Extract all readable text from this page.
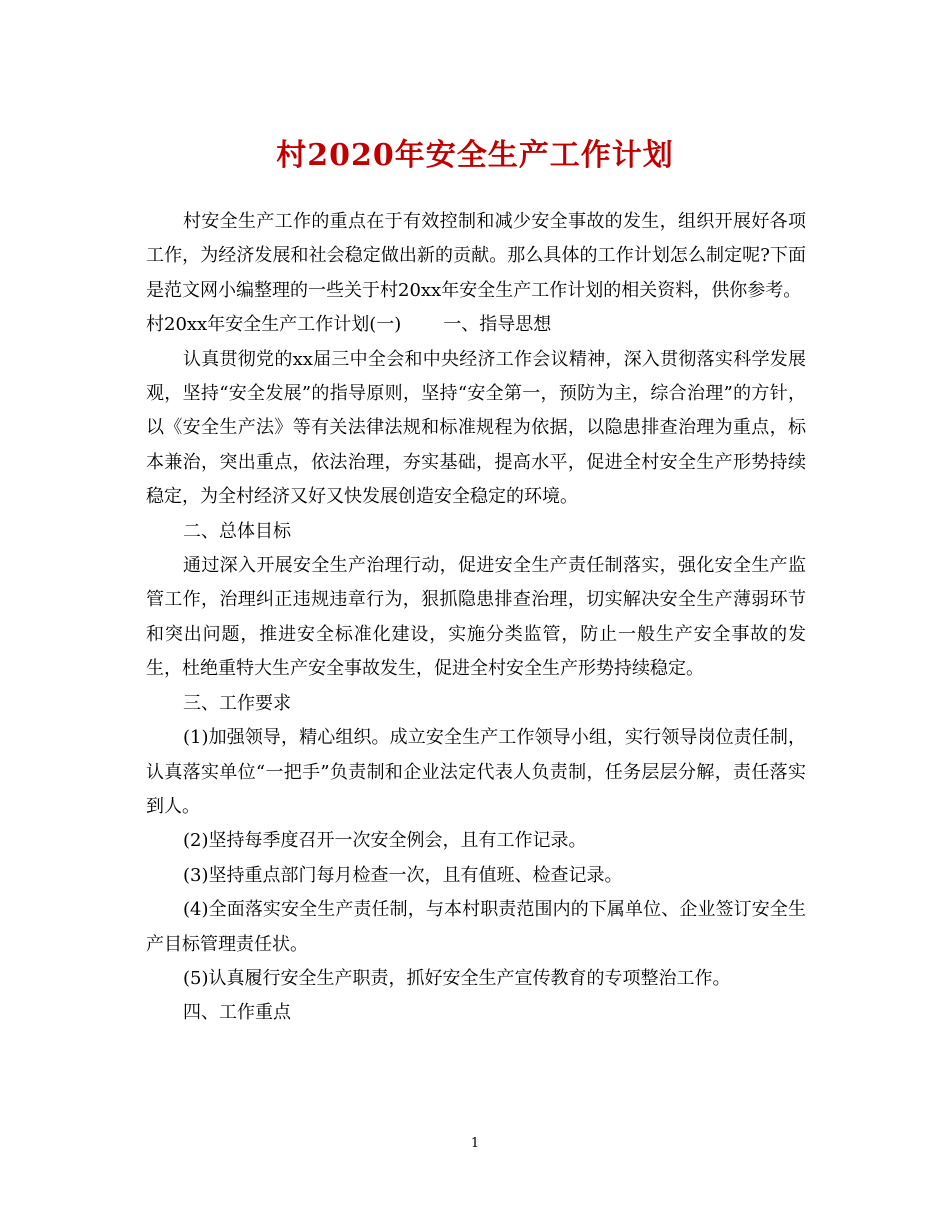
村2020年安全生产工作计划

村安全生产工作的重点在于有效控制和减少安全事故的发生，组织开展好各项工作，为经济发展和社会稳定做出新的贡献。那么具体的工作计划怎么制定呢?下面是范文网小编整理的一些关于村20xx年安全生产工作计划的相关资料，供你参考。

村20xx年安全生产工作计划(一) 一、指导思想

认真贯彻党的xx届三中全会和中央经济工作会议精神，深入贯彻落实科学发展观，坚持“安全发展”的指导原则，坚持“安全第一，预防为主，综合治理”的方针，以《安全生产法》等有关法律法规和标准规程为依据，以隐患排查治理为重点，标本兼治，突出重点，依法治理，夯实基础，提高水平，促进全村安全生产形势持续稳定，为全村经济又好又快发展创造安全稳定的环境。

二、总体目标

通过深入开展安全生产治理行动，促进安全生产责任制落实，强化安全生产监管工作，治理纠正违规违章行为，狠抓隐患排查治理，切实解决安全生产薄弱环节和突出问题，推进安全标准化建设，实施分类监管，防止一般生产安全事故的发生，杜绝重特大生产安全事故发生，促进全村安全生产形势持续稳定。

三、工作要求

(1)加强领导，精心组织。成立安全生产工作领导小组，实行领导岗位责任制，认真落实单位“一把手”负责制和企业法定代表人负责制，任务层层分解，责任落实到人。

(2)坚持每季度召开一次安全例会，且有工作记录。

(3)坚持重点部门每月检查一次，且有值班、检查记录。

(4)全面落实安全生产责任制，与本村职责范围内的下属单位、企业签订安全生产目标管理责任状。

(5)认真履行安全生产职责，抓好安全生产宣传教育的专项整治工作。

四、工作重点

1
